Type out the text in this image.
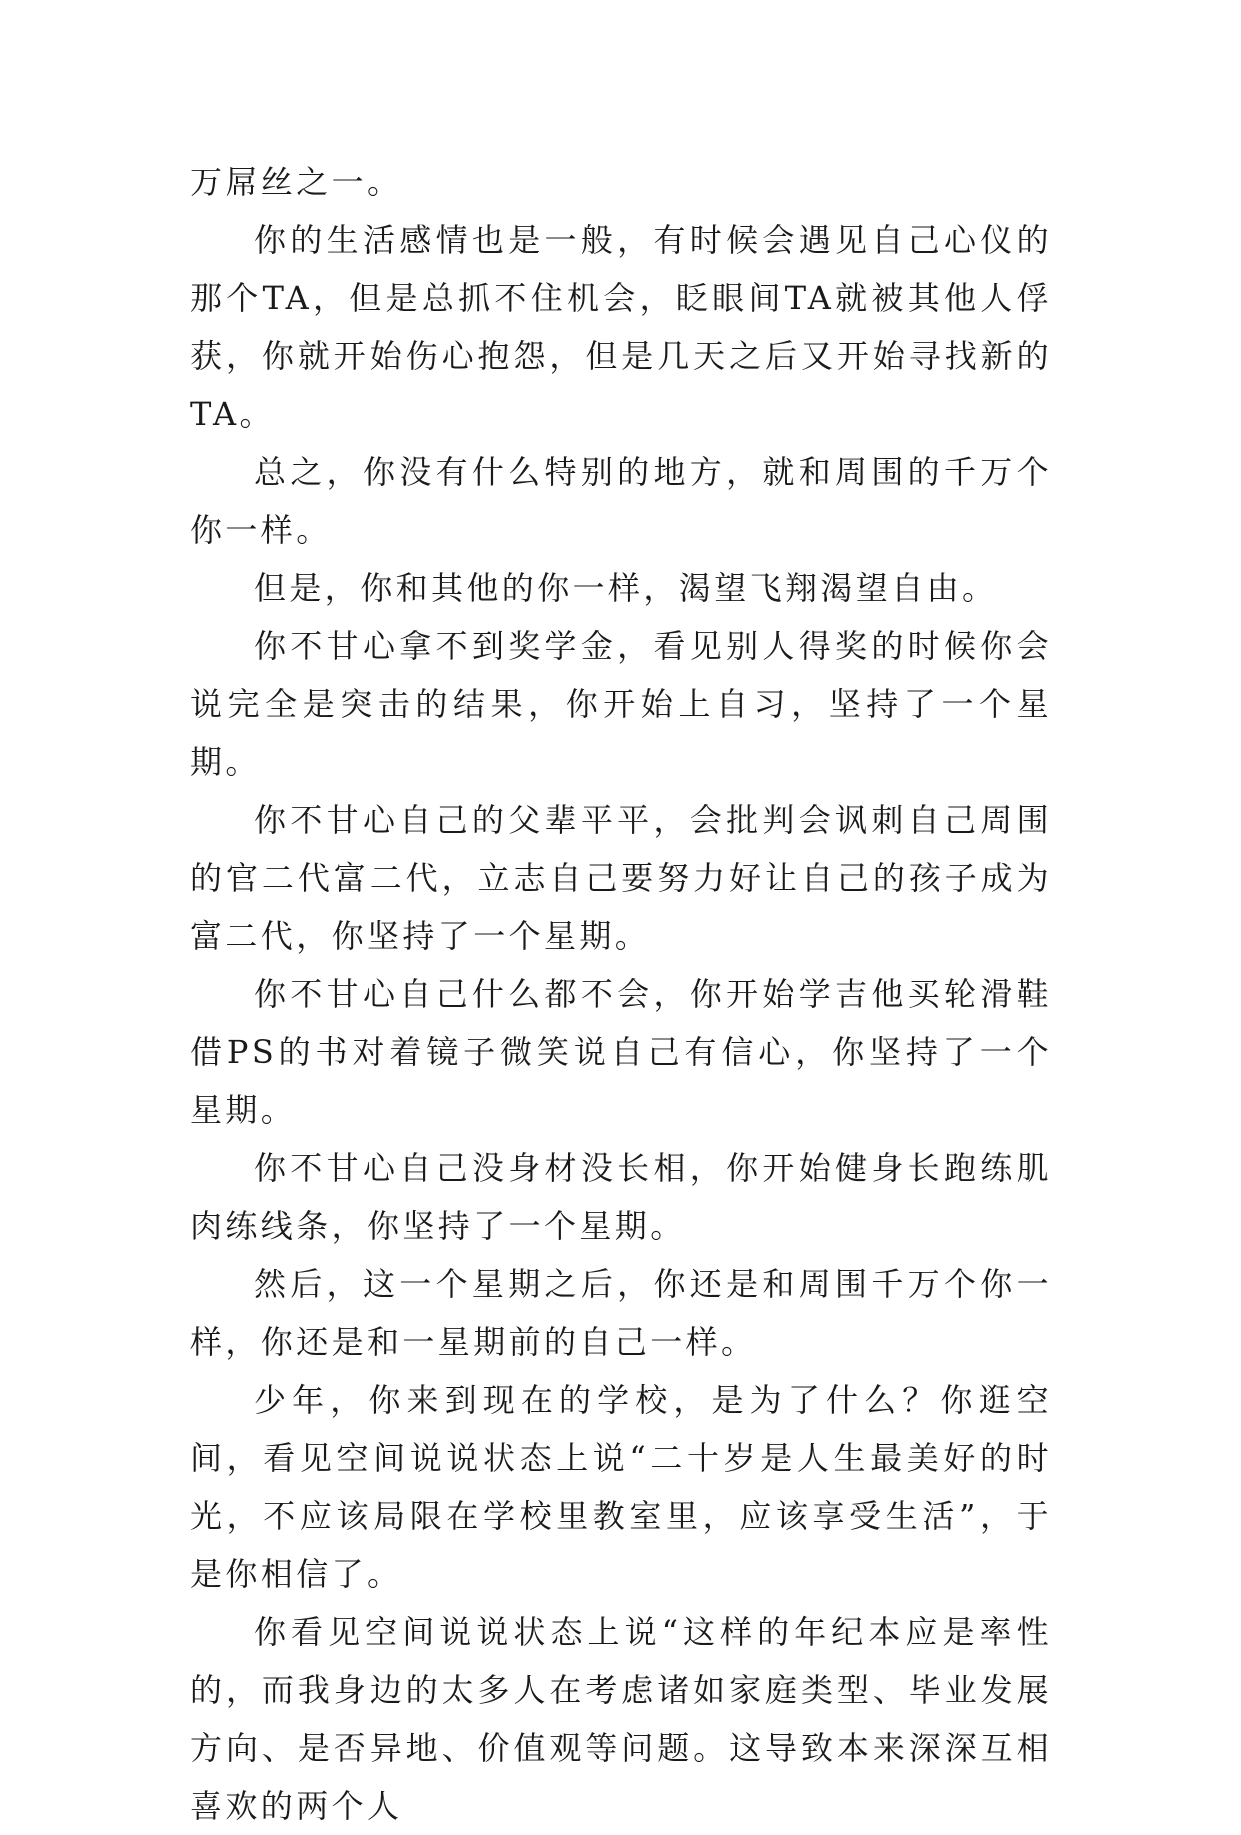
万屌丝之一。

你的生活感情也是一般，有时候会遇见自己心仪的那个TA，但是总抓不住机会，眨眼间TA就被其他人俘获，你就开始伤心抱怨，但是几天之后又开始寻找新的TA。

总之，你没有什么特别的地方，就和周围的千万个你一样。

但是，你和其他的你一样，渴望飞翔渴望自由。

你不甘心拿不到奖学金，看见别人得奖的时候你会说完全是突击的结果，你开始上自习，坚持了一个星期。

你不甘心自己的父辈平平，会批判会讽刺自己周围的官二代富二代，立志自己要努力好让自己的孩子成为富二代，你坚持了一个星期。

你不甘心自己什么都不会，你开始学吉他买轮滑鞋借PS的书对着镜子微笑说自己有信心，你坚持了一个星期。

你不甘心自己没身材没长相，你开始健身长跑练肌肉练线条，你坚持了一个星期。

然后，这一个星期之后，你还是和周围千万个你一样，你还是和一星期前的自己一样。

少年，你来到现在的学校，是为了什么？你逛空间，看见空间说说状态上说“二十岁是人生最美好的时光，不应该局限在学校里教室里，应该享受生活”，于是你相信了。

你看见空间说说状态上说“这样的年纪本应是率性的，而我身边的太多人在考虑诸如家庭类型、毕业发展方向、是否异地、价值观等问题。这导致本来深深互相喜欢的两个人
